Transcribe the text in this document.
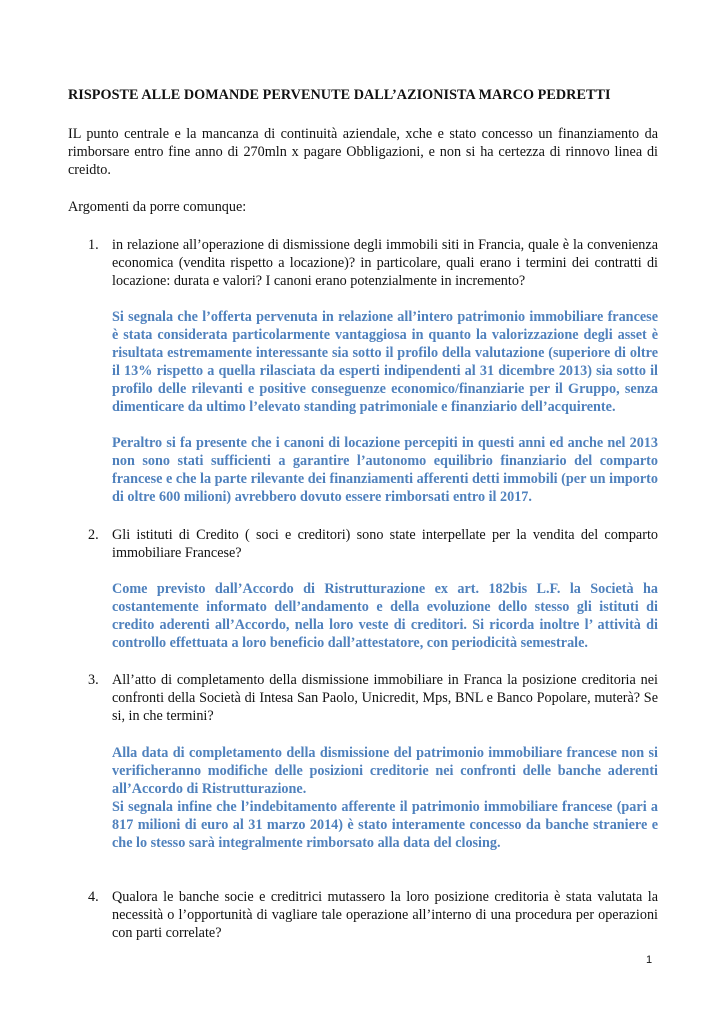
RISPOSTE ALLE DOMANDE PERVENUTE DALL’AZIONISTA MARCO PEDRETTI

IL punto centrale e la mancanza di continuità aziendale, xche e stato concesso un finanziamento da rimborsare entro fine anno di 270mln x pagare Obbligazioni, e non si ha certezza di rinnovo linea di creidto.

Argomenti da porre comunque:

1. in relazione all’operazione di dismissione degli immobili siti in Francia, quale è la convenienza economica (vendita rispetto a locazione)? in particolare, quali erano i termini dei contratti di locazione: durata e valori? I canoni erano potenzialmente in incremento?

Si segnala che l’offerta pervenuta in relazione all’intero patrimonio immobiliare francese è stata considerata particolarmente vantaggiosa in quanto la valorizzazione degli asset è risultata estremamente interessante sia sotto il profilo della valutazione (superiore di oltre il 13% rispetto a quella rilasciata da esperti indipendenti al 31 dicembre 2013) sia sotto il profilo delle rilevanti e positive conseguenze economico/finanziarie per il Gruppo, senza dimenticare da ultimo l’elevato standing patrimoniale e finanziario dell’acquirente.

Peraltro si fa presente che i canoni di locazione percepiti in questi anni ed anche nel 2013 non sono stati sufficienti a garantire l’autonomo equilibrio finanziario del comparto francese e che la parte rilevante dei finanziamenti afferenti detti immobili (per un importo di oltre 600 milioni) avrebbero dovuto essere rimborsati entro il 2017.

2. Gli istituti di Credito ( soci e creditori) sono state interpellate per la vendita del comparto immobiliare Francese?

Come previsto dall’Accordo di Ristrutturazione ex art. 182bis L.F. la Società ha costantemente informato dell’andamento e della evoluzione dello stesso gli istituti di credito aderenti all’Accordo, nella loro veste di creditori. Si ricorda inoltre l’ attività di controllo effettuata a loro beneficio dall’attestatore, con periodicità semestrale.

3. All’atto di completamento della dismissione immobiliare in Franca la posizione creditoria nei confronti della Società di Intesa San Paolo, Unicredit, Mps, BNL e Banco Popolare, muterà? Se si, in che termini?

Alla data di completamento della dismissione del patrimonio immobiliare francese non si verificheranno modifiche delle posizioni creditorie nei confronti delle banche aderenti all’Accordo di Ristrutturazione.

Si segnala infine che l’indebitamento afferente il patrimonio immobiliare francese (pari a 817 milioni di euro al 31 marzo 2014) è stato interamente concesso da banche straniere e che lo stesso sarà integralmente rimborsato alla data del closing.

4. Qualora le banche socie e creditrici mutassero la loro posizione creditoria è stata valutata la necessità o l’opportunità di vagliare tale operazione all’interno di una procedura per operazioni con parti correlate?

1
